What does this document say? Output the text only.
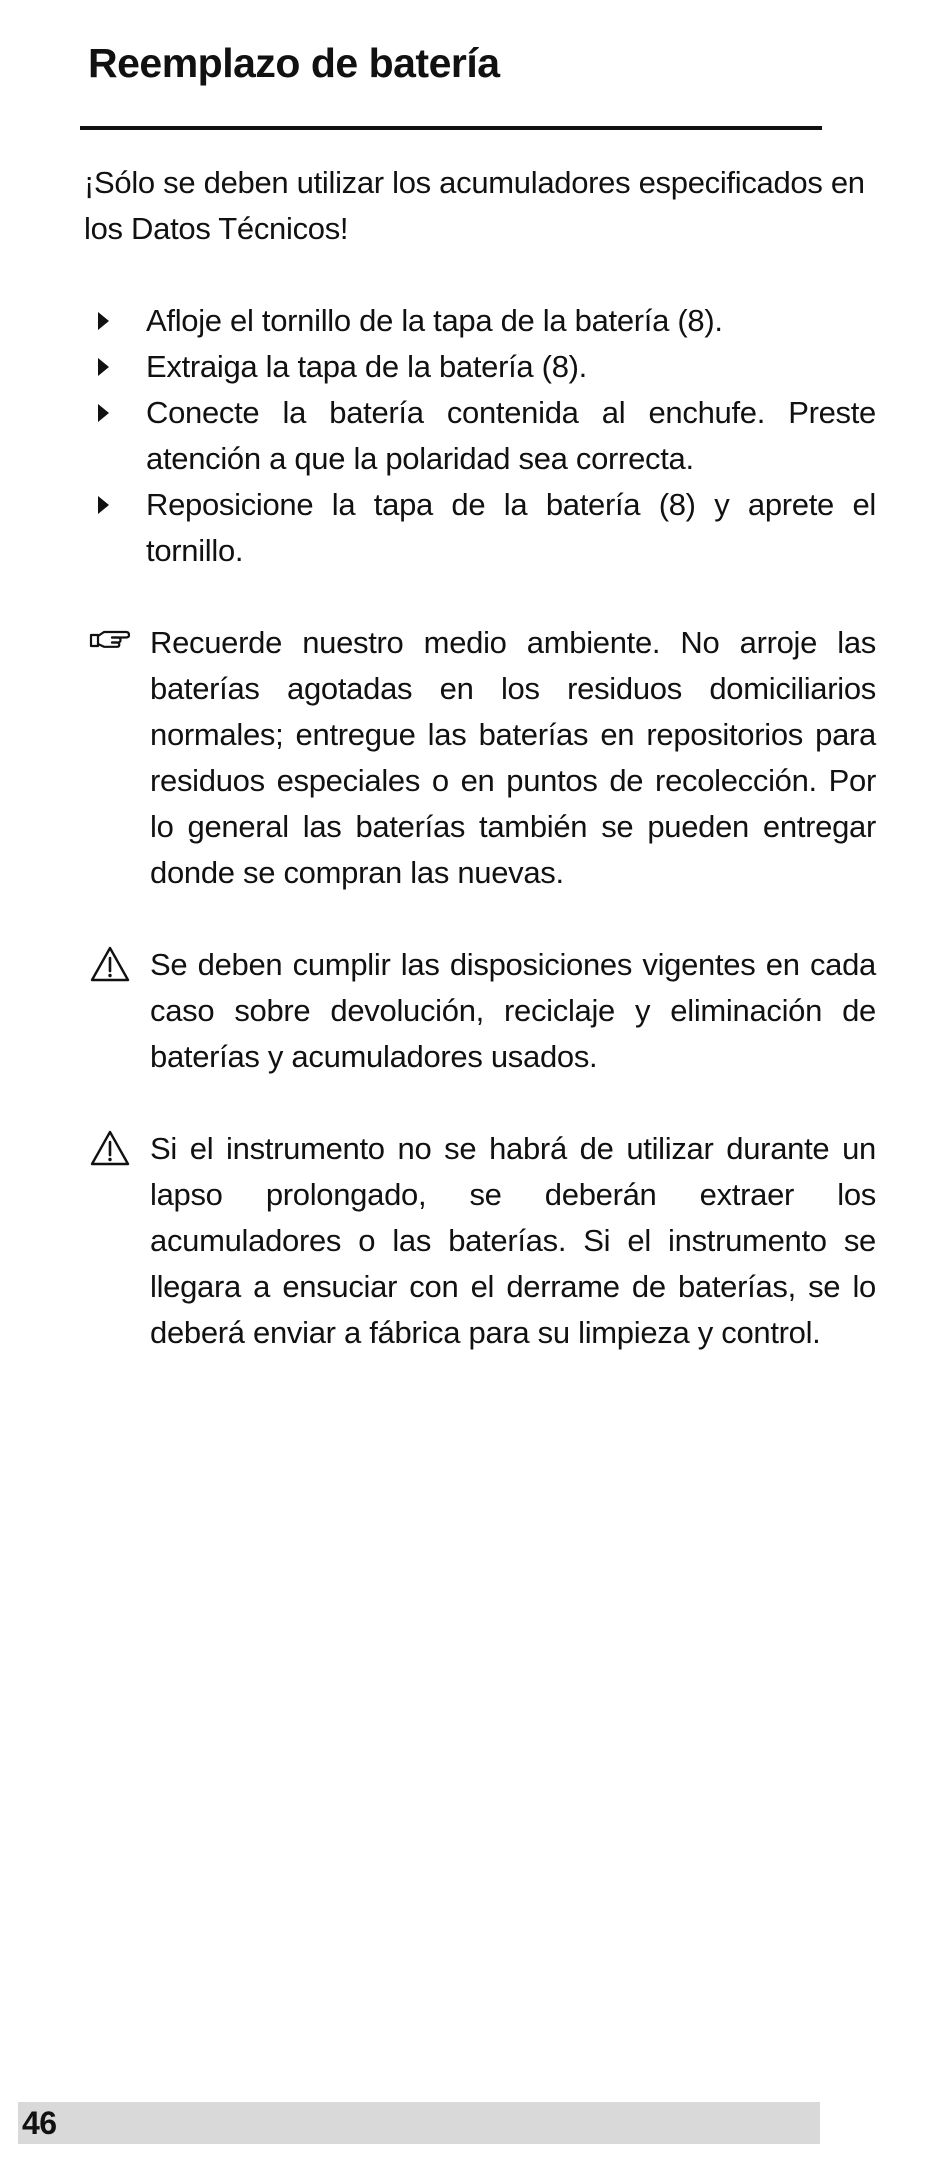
Reemplazo de batería

¡Sólo se deben utilizar los acumuladores especificados en los Datos Técnicos!

Afloje el tornillo de la tapa de la batería (8).
Extraiga la tapa de la batería (8).
Conecte la batería contenida al enchufe. Preste atención a que la polaridad sea correcta.
Reposicione la tapa de la batería (8) y aprete el tornillo.
Recuerde nuestro medio ambiente. No arroje las baterías agotadas en los residuos domiciliarios normales; entregue las baterías en repositorios para residuos especiales o en puntos de recolección. Por lo general las baterías también se pueden entregar donde se compran las nuevas.
Se deben cumplir las disposiciones vigentes en cada caso sobre devolución, reciclaje y eliminación de baterías y acumuladores usados.
Si el instrumento no se habrá de utilizar durante un lapso prolongado, se deberán extraer los acumuladores o las baterías. Si el instrumento se llegara a ensuciar con el derrame de baterías, se lo deberá enviar a fábrica para su limpieza y control.
46
